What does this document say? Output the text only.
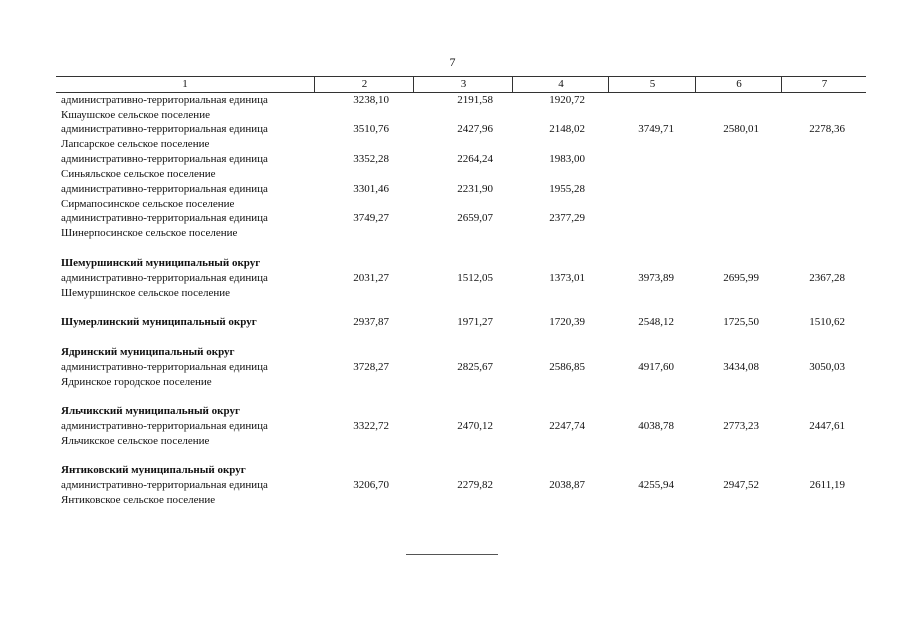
7
1	2	3	4	5	6	7
административно-территориальная единица
Кшаушское сельское поселение
3238,10	2191,58	1920,72
административно-территориальная единица
Лапсарское сельское поселение
3510,76	2427,96	2148,02	3749,71	2580,01	2278,36
административно-территориальная единица
Синьяльское сельское поселение
3352,28	2264,24	1983,00
административно-территориальная единица
Сирмапосинское сельское поселение
3301,46	2231,90	1955,28
административно-территориальная единица
Шинерпосинское сельское поселение
3749,27	2659,07	2377,29
Шемуршинский муниципальный округ
административно-территориальная единица
Шемуршинское сельское поселение
2031,27	1512,05	1373,01	3973,89	2695,99	2367,28
Шумерлинский муниципальный округ	2937,87	1971,27	1720,39	2548,12	1725,50	1510,62
Ядринский муниципальный округ
административно-территориальная единица
Ядринское городское поселение
3728,27	2825,67	2586,85	4917,60	3434,08	3050,03
Яльчикский муниципальный округ
административно-территориальная единица
Яльчикское сельское поселение
3322,72	2470,12	2247,74	4038,78	2773,23	2447,61
Янтиковский муниципальный округ
административно-территориальная единица
Янтиковское сельское поселение
3206,70	2279,82	2038,87	4255,94	2947,52	2611,19
